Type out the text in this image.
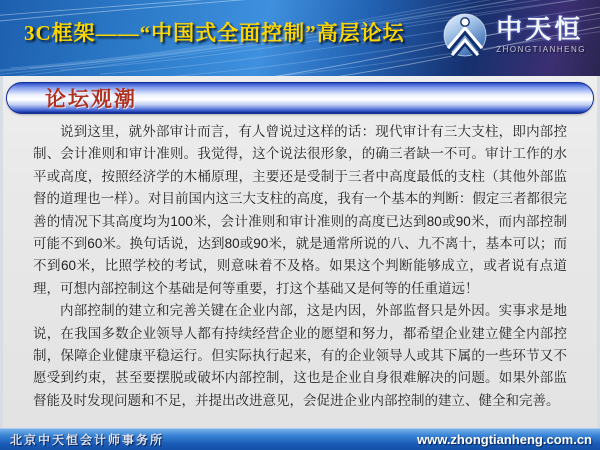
3C框架——“中国式全面控制”高层论坛	中天恒
ZHONGTIANHENG
论坛观潮

说到这里，就外部审计而言，有人曾说过这样的话：现代审计有三大支柱，即内部控制、会计准则和审计准则。我觉得，这个说法很形象，的确三者缺一不可。审计工作的水平或高度，按照经济学的木桶原理，主要还是受制于三者中高度最低的支柱（其他外部监督的道理也一样）。对目前国内这三大支柱的高度，我有一个基本的判断：假定三者都很完善的情况下其高度均为100米，会计准则和审计准则的高度已达到80或90米，而内部控制可能不到60米。换句话说，达到80或90米，就是通常所说的八、九不离十，基本可以；而不到60米，比照学校的考试，则意味着不及格。如果这个判断能够成立，或者说有点道理，可想内部控制这个基础是何等重要，打这个基础又是何等的任重道远！

内部控制的建立和完善关键在企业内部，这是内因，外部监督只是外因。实事求是地说，在我国多数企业领导人都有持续经营企业的愿望和努力，都希望企业建立健全内部控制，保障企业健康平稳运行。但实际执行起来，有的企业领导人或其下属的一些环节又不愿受到约束，甚至要摆脱或破坏内部控制，这也是企业自身很难解决的问题。如果外部监督能及时发现问题和不足，并提出改进意见，会促进企业内部控制的建立、健全和完善。

北京中天恒会计师事务所	www.zhongtianheng.com.cn
